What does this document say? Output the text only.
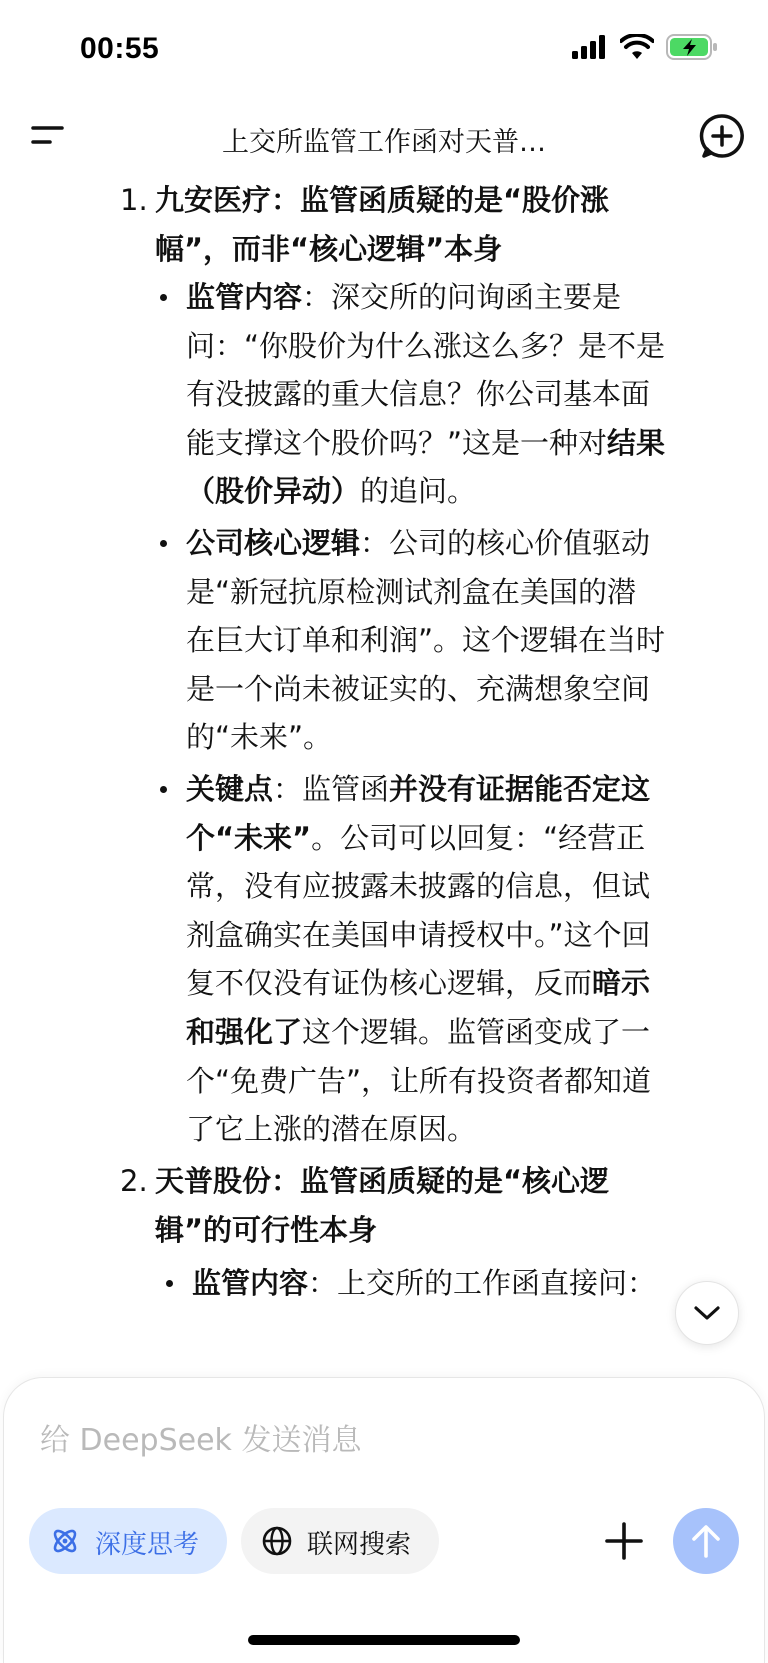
00:55
上交所监管工作函对天普…
1. 九安医疗：监管函质疑的是“股价涨
幅”，而非“核心逻辑”本身
监管内容：深交所的问询函主要是
问：“你股价为什么涨这么多？是不是
有没披露的重大信息？你公司基本面
能支撑这个股价吗？”这是一种对结果
（股价异动）的追问。
公司核心逻辑：公司的核心价值驱动
是“新冠抗原检测试剂盒在美国的潜
在巨大订单和利润”。这个逻辑在当时
是一个尚未被证实的、充满想象空间
的“未来”。
关键点：监管函并没有证据能否定这
个“未来”。公司可以回复：“经营正
常，没有应披露未披露的信息，但试
剂盒确实在美国申请授权中。”这个回
复不仅没有证伪核心逻辑，反而暗示
和强化了这个逻辑。监管函变成了一
个“免费广告”，让所有投资者都知道
了它上涨的潜在原因。
2. 天普股份：监管函质疑的是“核心逻
辑”的可行性本身
监管内容：上交所的工作函直接问：
给 DeepSeek 发送消息
深度思考	联网搜索
